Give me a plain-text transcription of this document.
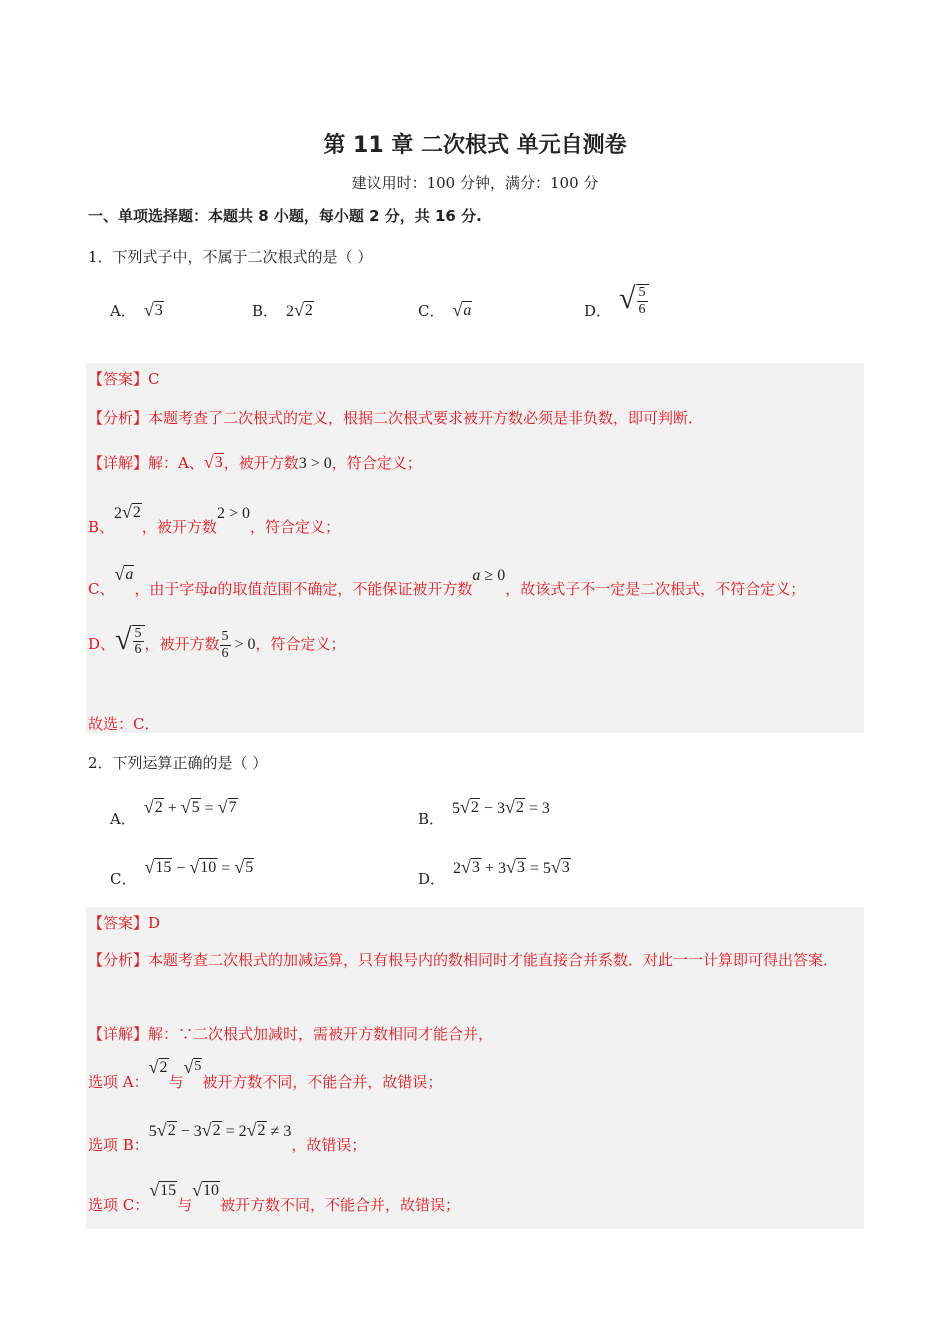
第 11 章 二次根式 单元自测卷
建议用时：100 分钟，满分：100 分
一、单项选择题：本题共 8 小题，每小题 2 分，共 16 分.
1．下列式子中，不属于二次根式的是（ ）
A． √ 3	B． 2 √ 2	C． √ a	D． √ $\frac{5}{6}$
【答案】C
【分析】本题考查了二次根式的定义，根据二次根式要求被开方数必须是非负数，即可判断．
【详解】解：A、 √ 3 ，被开方数3 > 0，符合定义；
B、2 √ 2
，被开方数2 > 0，符合定义；
C、
√ a
，由于字母a的取值范围不确定，不能保证被开方数a ≥ 0，故该式子不一定是二次根式，不符合定义；
D、 √ $\frac{5}{6}$ ，被开方数 $\frac{5}{6} > 0$，符合定义；
故选：C．
2．下列运算正确的是（ ）
A．
√ 2 + √ 5 = √ 7
B．
5 √ 2 − 3 √ 2 = 3
C．
√ 15 − √ 10 = √ 5
D．
2 √ 3 + 3 √ 3 = 5 √ 3
【答案】D
【分析】本题考查二次根式的加减运算，只有根号内的数相同时才能直接合并系数．对此一一计算即可得出答案．
【详解】解：∵二次根式加减时，需被开方数相同才能合并，
选项 A：
√ 2
与
√ 5
被开方数不同，不能合并，故错误；
选项 B：5 √ 2 − 3 √ 2 = 2 √ 2 ≠ 3，故错误；
选项 C：
√ 15
与
√ 10
被开方数不同，不能合并，故错误；
